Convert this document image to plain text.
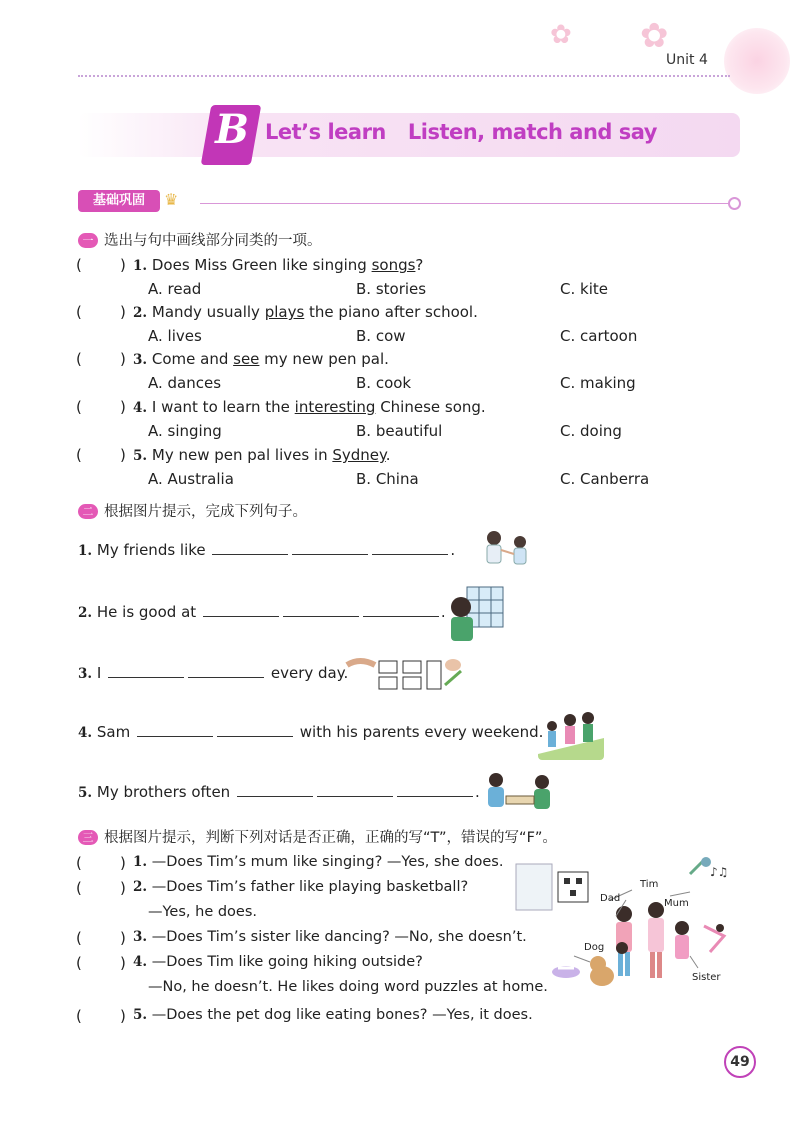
✿ ✿
Unit 4
B Let’s learn Listen, match and say
基础巩固	♛
一 选出与句中画线部分同类的一项。
(	) 1. Does Miss Green like singing songs?
A. read	B. stories	C. kite
(	) 2. Mandy usually plays the piano after school.
A. lives	B. cow	C. cartoon
(	) 3. Come and see my new pen pal.
A. dances	B. cook	C. making
(	) 4. I want to learn the interesting Chinese song.
A. singing	B. beautiful	C. doing
(	) 5. My new pen pal lives in Sydney.
A. Australia	B. China	C. Canberra
二 根据图片提示，完成下列句子。
1. My friends like	.
2. He is good at	.
3. I	every day.
4. Sam	with his parents every weekend.
5. My brothers often	.
三 根据图片提示，判断下列对话是否正确，正确的写“T”，错误的写“F”。
(	) 1. —Does Tim’s mum like singing? —Yes, she does.
(	) 2. —Does Tim’s father like playing basketball?
—Yes, he does.
(	) 3. —Does Tim’s sister like dancing? —No, she doesn’t.
(	) 4. —Does Tim like going hiking outside?
—No, he doesn’t. He likes doing word puzzles at home.
(	) 5. —Does the pet dog like eating bones? —Yes, it does.
♪♫
Tim
Dad	Mum
Dog
Sister
49
